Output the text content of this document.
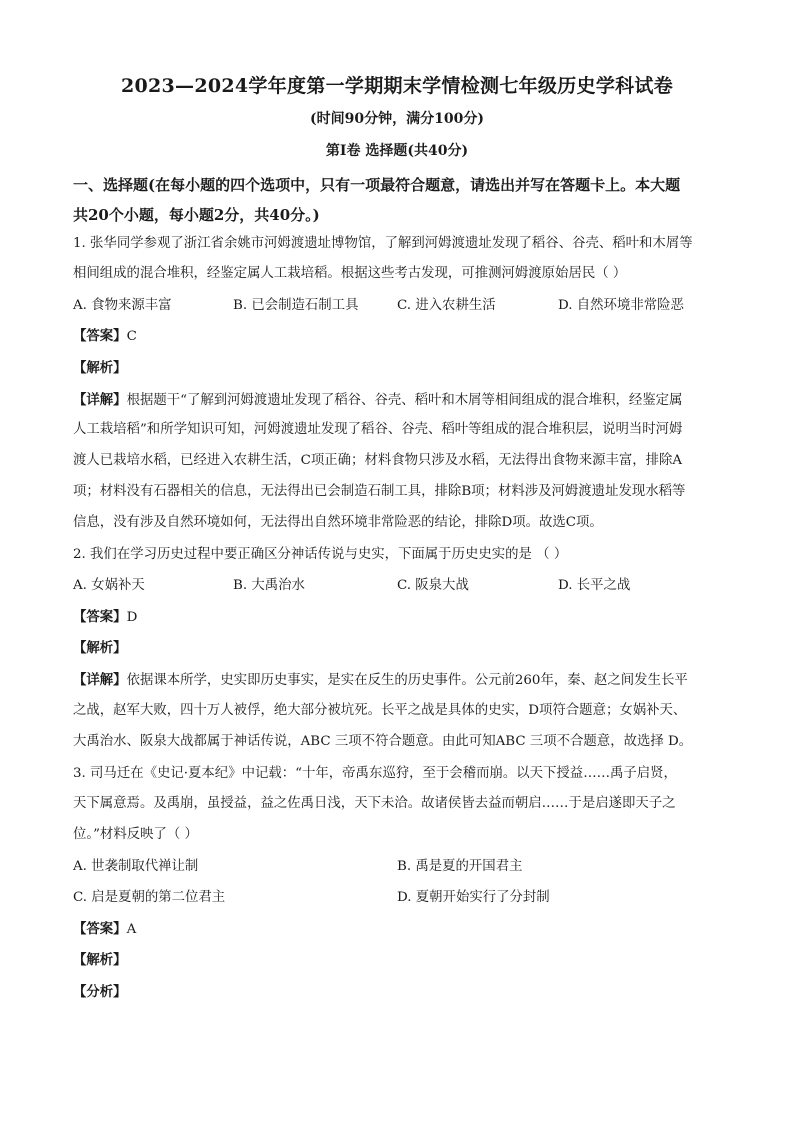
2023—2024学年度第一学期期末学情检测七年级历史学科试卷
(时间90分钟，满分100分)
第Ⅰ卷 选择题(共40分)
一、选择题(在每小题的四个选项中，只有一项最符合题意，请选出并写在答题卡上。本大题
共20个小题，每小题2分，共40分。)
1. 张华同学参观了浙江省余姚市河姆渡遗址博物馆，了解到河姆渡遗址发现了稻谷、谷壳、稻叶和木屑等
相间组成的混合堆积，经鉴定属人工栽培稻。根据这些考古发现，可推测河姆渡原始居民（ ）
A. 食物来源丰富	B. 已会制造石制工具	C. 进入农耕生活	D. 自然环境非常险恶
【答案】C
【解析】
【详解】根据题干“了解到河姆渡遗址发现了稻谷、谷壳、稻叶和木屑等相间组成的混合堆积，经鉴定属
人工栽培稻”和所学知识可知，河姆渡遗址发现了稻谷、谷壳、稻叶等组成的混合堆积层，说明当时河姆
渡人已栽培水稻，已经进入农耕生活，C项正确；材料食物只涉及水稻，无法得出食物来源丰富，排除A
项；材料没有石器相关的信息，无法得出已会制造石制工具，排除B项；材料涉及河姆渡遗址发现水稻等
信息，没有涉及自然环境如何，无法得出自然环境非常险恶的结论，排除D项。故选C项。
2. 我们在学习历史过程中要正确区分神话传说与史实，下面属于历史史实的是 （ ）
A. 女娲补天	B. 大禹治水	C. 阪泉大战	D. 长平之战
【答案】D
【解析】
【详解】依据课本所学，史实即历史事实，是实在反生的历史事件。公元前260年，秦、赵之间发生长平
之战，赵军大败，四十万人被俘，绝大部分被坑死。长平之战是具体的史实，D项符合题意；女娲补天、
大禹治水、阪泉大战都属于神话传说，ABC 三项不符合题意。由此可知ABC 三项不合题意，故选择 D。
3. 司马迁在《史记·夏本纪》中记载：“十年，帝禹东巡狩，至于会稽而崩。以天下授益……禹子启贤，
天下属意焉。及禹崩，虽授益，益之佐禹日浅，天下未洽。故诸侯皆去益而朝启……于是启遂即天子之
位。”材料反映了（ ）
A. 世袭制取代禅让制	B. 禹是夏的开国君主
C. 启是夏朝的第二位君主	D. 夏朝开始实行了分封制
【答案】A
【解析】
【分析】
